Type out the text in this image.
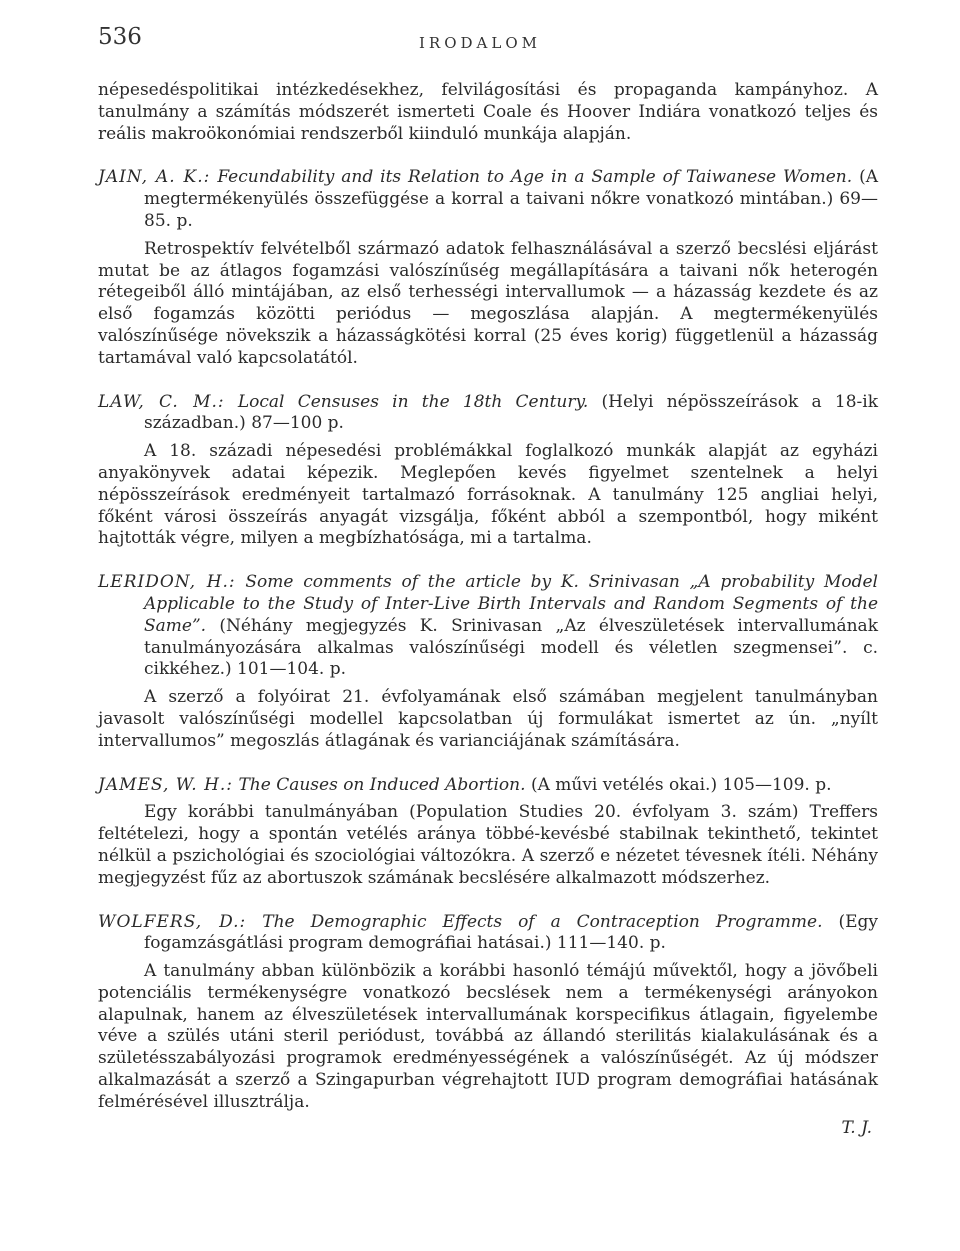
536	IRODALOM

népesedéspolitikai intézkedésekhez, felvilágosítási és propaganda kampányhoz. A tanulmány a számítás módszerét ismerteti Coale és Hoover Indiára vonatkozó teljes és reális makroökonómiai rendszerből kiinduló munkája alapján.

JAIN, A. K.: Fecundability and its Relation to Age in a Sample of Taiwanese Women. (A megtermékenyülés összefüggése a korral a taivani nőkre vonatkozó mintában.) 69—85. p.

Retrospektív felvételből származó adatok felhasználásával a szerző becslési eljárást mutat be az átlagos fogamzási valószínűség megállapítására a taivani nők heterogén rétegeiből álló mintájában, az első terhességi intervallumok — a házasság kezdete és az első fogamzás közötti periódus — megoszlása alapján. A megtermékenyülés valószínűsége növekszik a házasságkötési korral (25 éves korig) függetlenül a házasság tartamával való kapcsolatától.

LAW, C. M.: Local Censuses in the 18th Century. (Helyi népösszeírások a 18-ik században.) 87—100 p.

A 18. századi népesedési problémákkal foglalkozó munkák alapját az egyházi anyakönyvek adatai képezik. Meglepően kevés figyelmet szentelnek a helyi népösszeírások eredményeit tartalmazó forrásoknak. A tanulmány 125 angliai helyi, főként városi összeírás anyagát vizsgálja, főként abból a szempontból, hogy miként hajtották végre, milyen a megbízhatósága, mi a tartalma.

LERIDON, H.: Some comments of the article by K. Srinivasan „A probability Model Applicable to the Study of Inter-Live Birth Intervals and Random Segments of the Same”. (Néhány megjegyzés K. Srinivasan „Az élveszületések intervallumának tanulmányozására alkalmas valószínűségi modell és véletlen szegmensei”. c. cikkéhez.) 101—104. p.

A szerző a folyóirat 21. évfolyamának első számában megjelent tanulmányban javasolt valószínűségi modellel kapcsolatban új formulákat ismertet az ún. „nyílt intervallumos” megoszlás átlagának és varianciájának számítására.

JAMES, W. H.: The Causes on Induced Abortion. (A művi vetélés okai.) 105—109. p.

Egy korábbi tanulmányában (Population Studies 20. évfolyam 3. szám) Treffers feltételezi, hogy a spontán vetélés aránya többé-kevésbé stabilnak tekinthető, tekintet nélkül a pszichológiai és szociológiai változókra. A szerző e nézetet tévesnek ítéli. Néhány megjegyzést fűz az abortuszok számának becslésére alkalmazott módszerhez.

WOLFERS, D.: The Demographic Effects of a Contraception Programme. (Egy fogamzásgátlási program demográfiai hatásai.) 111—140. p.

A tanulmány abban különbözik a korábbi hasonló témájú művektől, hogy a jövőbeli potenciális termékenységre vonatkozó becslések nem a termékenységi arányokon alapulnak, hanem az élveszületések intervallumának korspecifikus átlagain, figyelembe véve a szülés utáni steril periódust, továbbá az állandó sterilitás kialakulásának és a születésszabályozási programok eredményességének a valószínűségét. Az új módszer alkalmazását a szerző a Szingapurban végrehajtott IUD program demográfiai hatásának felmérésével illusztrálja.

T. J.
